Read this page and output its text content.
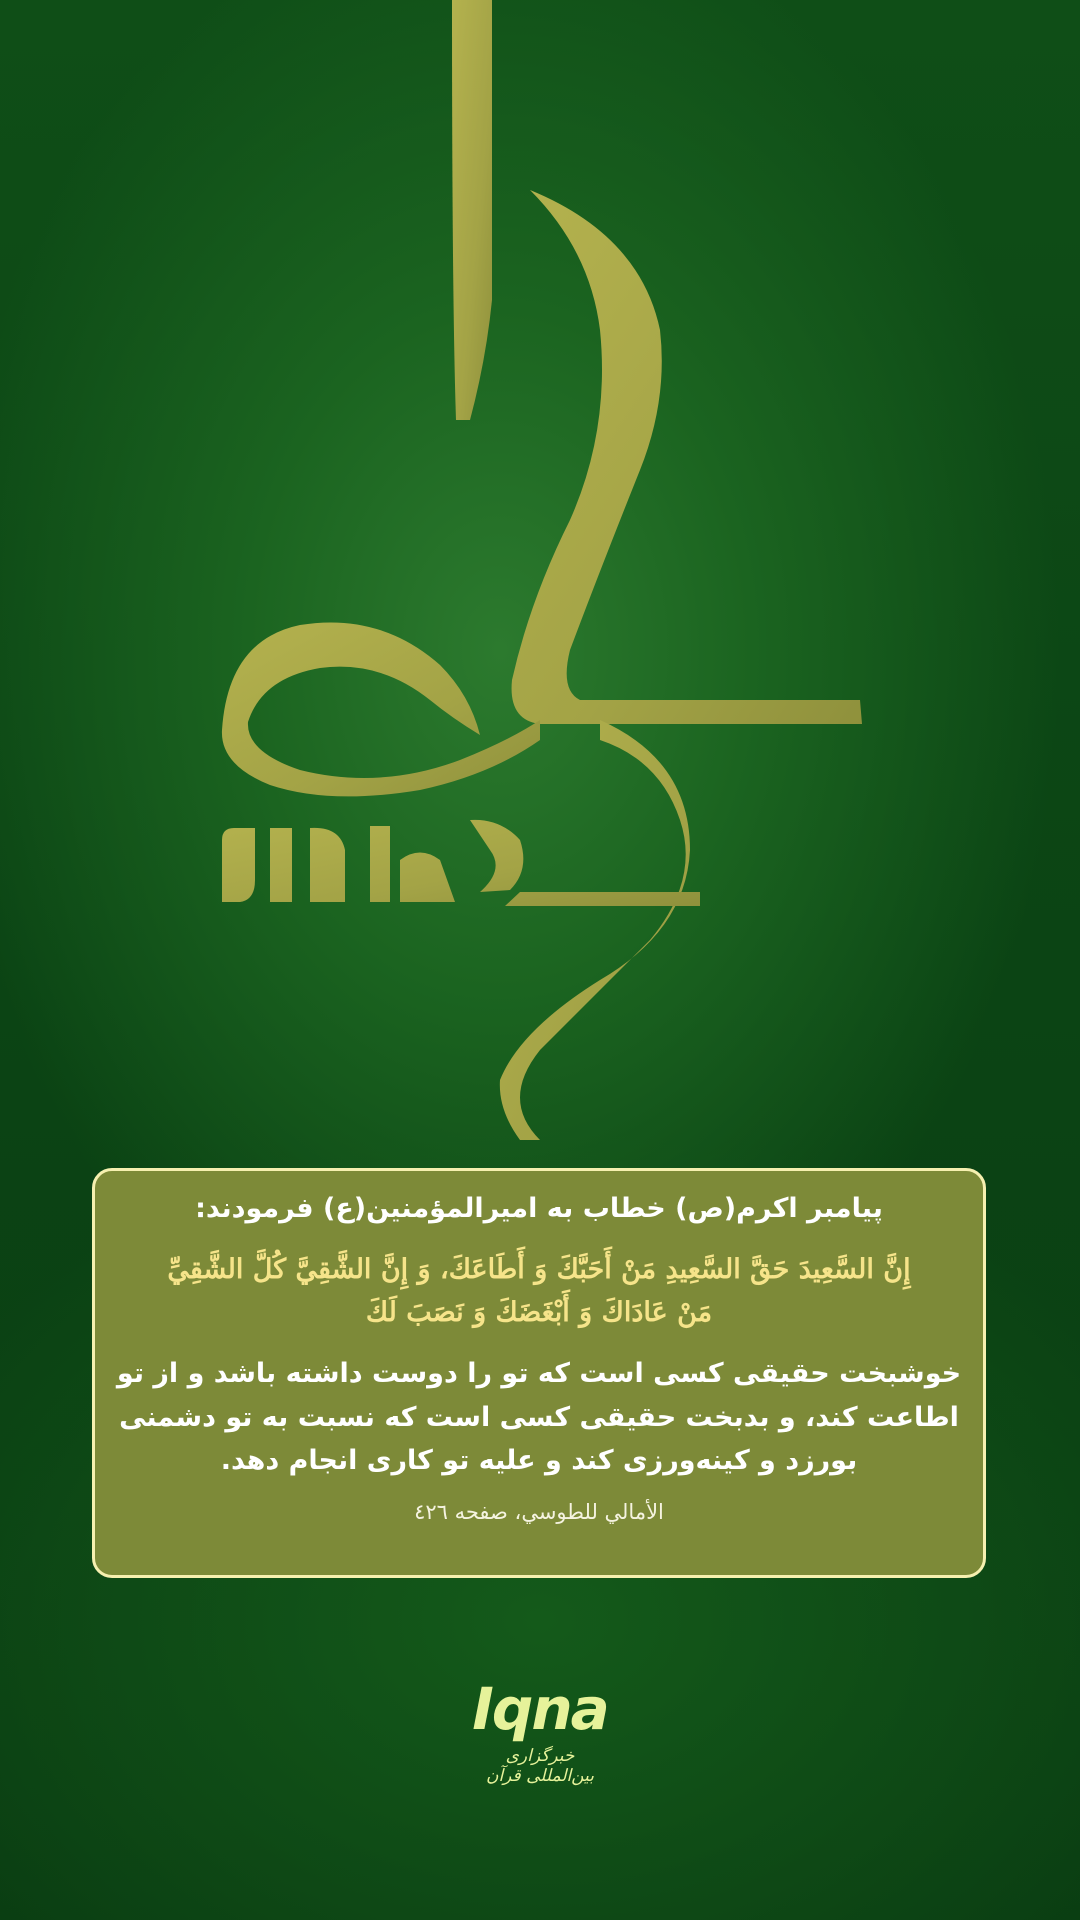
پیامبر اکرم(ص) خطاب به امیرالمؤمنین(ع) فرمودند:

إِنَّ السَّعِيدَ حَقَّ السَّعِيدِ مَنْ أَحَبَّكَ وَ أَطَاعَكَ، وَ إِنَّ الشَّقِيَّ كُلَّ الشَّقِيِّ
مَنْ عَادَاكَ وَ أَبْغَضَكَ وَ نَصَبَ لَكَ

خوشبخت حقیقی کسی است که تو را دوست داشته باشد و از تو اطاعت کند، و بدبخت حقیقی کسی است که نسبت به تو دشمنی بورزد و کینه‌ورزی کند و علیه تو کاری انجام دهد.

الأمالي للطوسي، صفحه ٤٢٦

Iqna
خبرگزاری بین‌المللی قرآن
